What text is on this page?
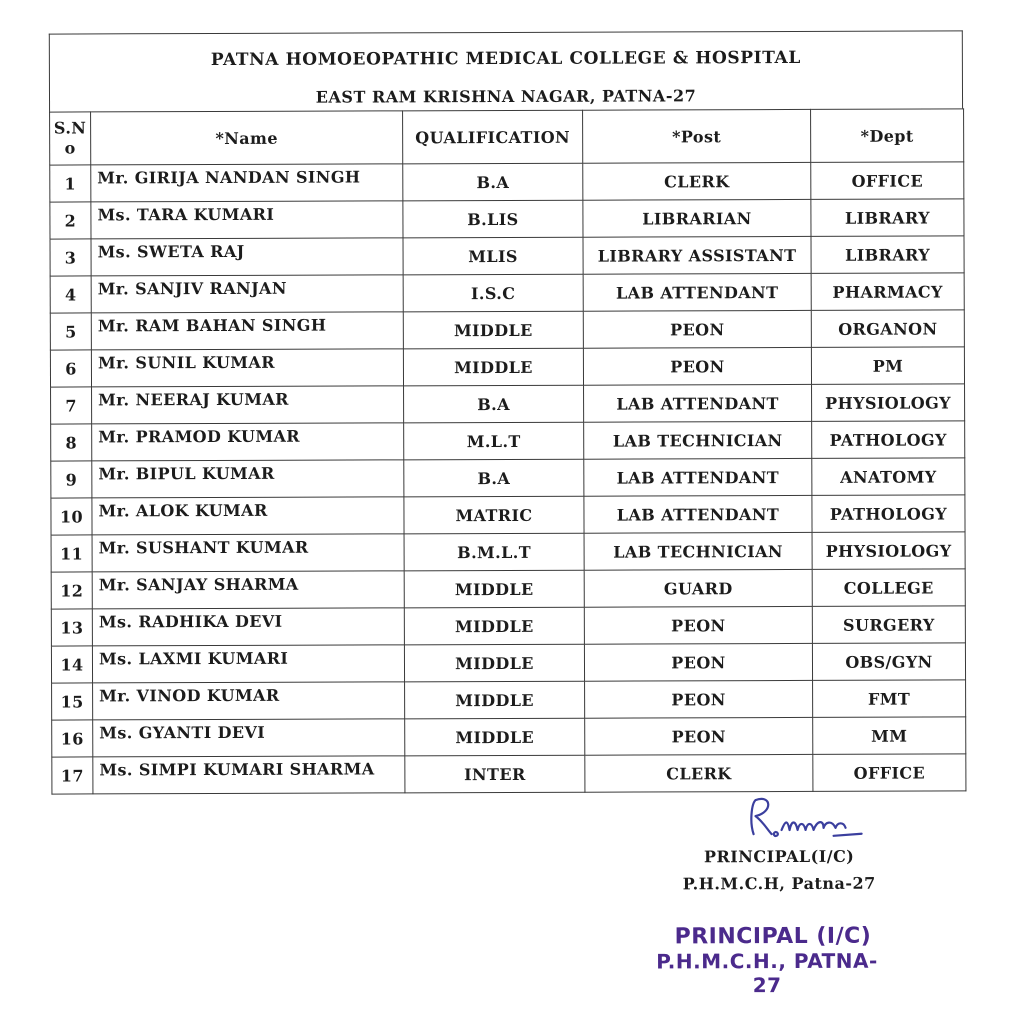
PATNA HOMOEOPATHIC MEDICAL COLLEGE & HOSPITAL
EAST RAM KRISHNA NAGAR, PATNA-27
S.N
o	*Name	QUALIFICATION	*Post	*Dept
1	Mr. GIRIJA NANDAN SINGH	B.A	CLERK	OFFICE
2	Ms. TARA KUMARI	B.LIS	LIBRARIAN	LIBRARY
3	Ms. SWETA RAJ	MLIS	LIBRARY ASSISTANT	LIBRARY
4	Mr. SANJIV RANJAN	I.S.C	LAB ATTENDANT	PHARMACY
5	Mr. RAM BAHAN SINGH	MIDDLE	PEON	ORGANON
6	Mr. SUNIL KUMAR	MIDDLE	PEON	PM
7	Mr. NEERAJ KUMAR	B.A	LAB ATTENDANT	PHYSIOLOGY
8	Mr. PRAMOD KUMAR	M.L.T	LAB TECHNICIAN	PATHOLOGY
9	Mr. BIPUL KUMAR	B.A	LAB ATTENDANT	ANATOMY
10	Mr. ALOK KUMAR	MATRIC	LAB ATTENDANT	PATHOLOGY
11	Mr. SUSHANT KUMAR	B.M.L.T	LAB TECHNICIAN	PHYSIOLOGY
12	Mr. SANJAY SHARMA	MIDDLE	GUARD	COLLEGE
13	Ms. RADHIKA DEVI	MIDDLE	PEON	SURGERY
14	Ms. LAXMI KUMARI	MIDDLE	PEON	OBS/GYN
15	Mr. VINOD KUMAR	MIDDLE	PEON	FMT
16	Ms. GYANTI DEVI	MIDDLE	PEON	MM
17	Ms. SIMPI KUMARI SHARMA	INTER	CLERK	OFFICE
PRINCIPAL(I/C)
P.H.M.C.H, Patna-27
PRINCIPAL (I/C)
P.H.M.C.H., PATNA-27
